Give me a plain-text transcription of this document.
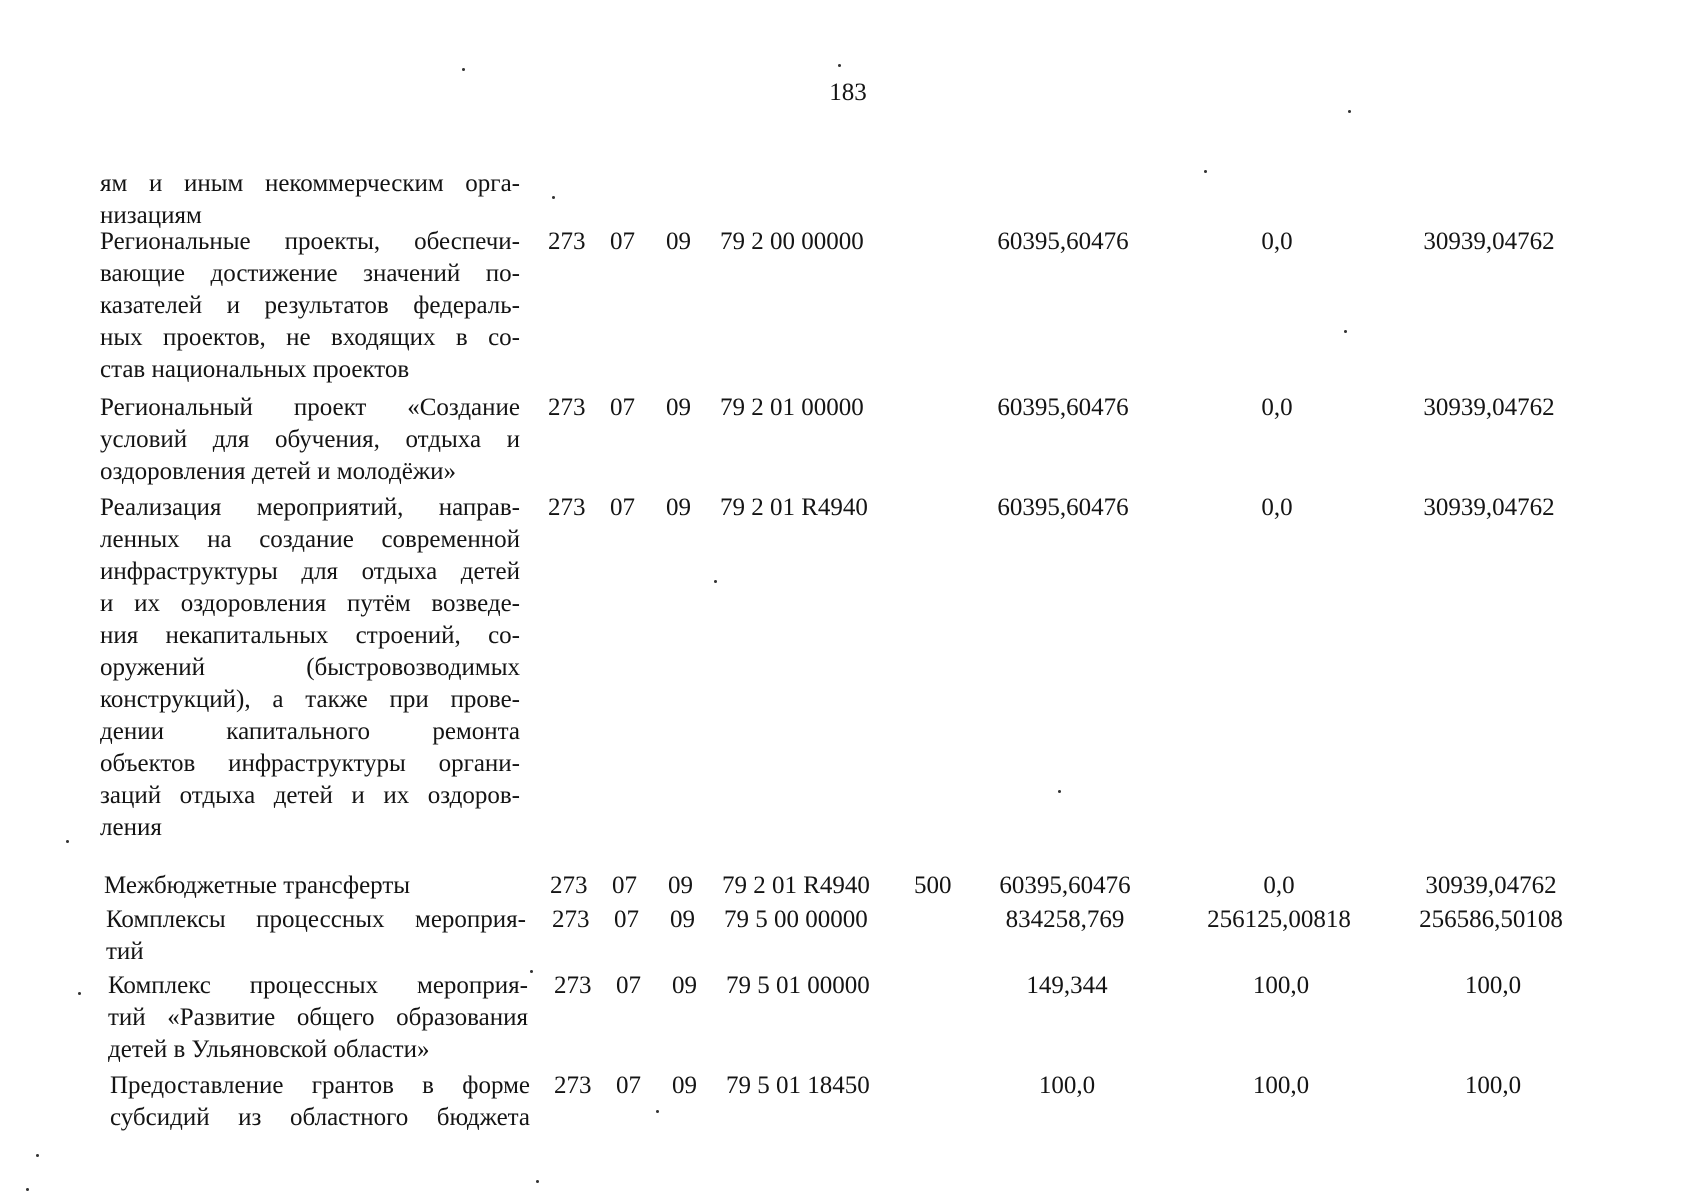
183
ям и иным некоммерческим орга-
низациям
Региональные проекты, обеспечи-
вающие достижение значений по-
казателей и результатов федераль-
ных проектов, не входящих в со-
став национальных проектов
273 07 09 79 2 00 00000	60395,60476	0,0	30939,04762
Региональный проект «Создание
условий для обучения, отдыха и
оздоровления детей и молодёжи»
273 07 09 79 2 01 00000	60395,60476	0,0	30939,04762
Реализация мероприятий, направ-
ленных на создание современной
инфраструктуры для отдыха детей
и их оздоровления путём возведе-
ния некапитальных строений, со-
оружений (быстровозводимых
конструкций), а также при прове-
дении капитального ремонта
объектов инфраструктуры органи-
заций отдыха детей и их оздоров-
ления
273 07 09 79 2 01 R4940	60395,60476	0,0	30939,04762
Межбюджетные трансферты	273 07 09 79 2 01 R4940 500	60395,60476	0,0	30939,04762
Комплексы процессных мероприя-
тий
273 07 09 79 5 00 00000	834258,769	256125,00818	256586,50108
Комплекс процессных мероприя-
тий «Развитие общего образования
детей в Ульяновской области»
273 07 09 79 5 01 00000	149,344	100,0	100,0
Предоставление грантов в форме
субсидий из областного бюджета
273 07 09 79 5 01 18450	100,0	100,0	100,0
